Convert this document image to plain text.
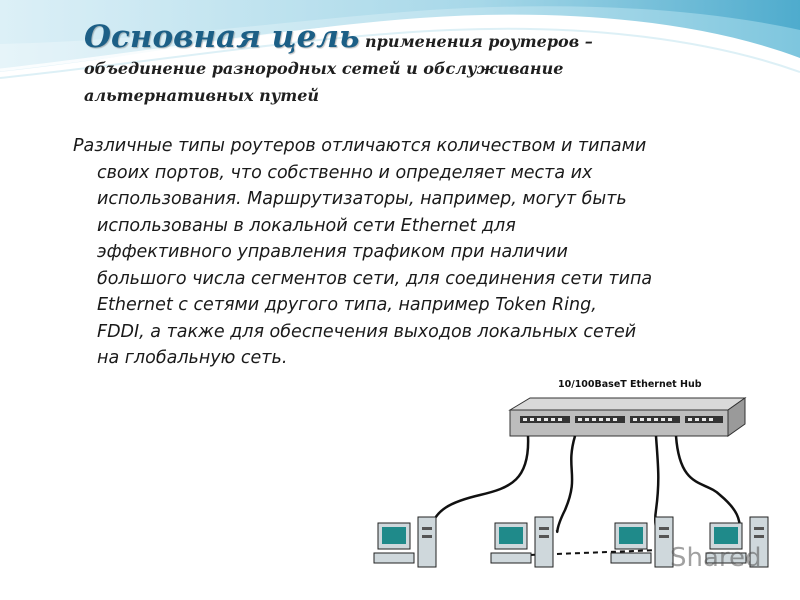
Основная цель применения роутеров –
объединение разнородных сетей и обслуживание
альтернативных путей

Различные типы роутеров отличаются количеством и типами
своих портов, что собственно и определяет места их
использования. Маршрутизаторы, например, могут быть
использованы в локальной сети Ethernet для
эффективного управления трафиком при наличии
большого числа сегментов сети, для соединения сети типа
Ethernet с сетями другого типа, например Token Ring,
FDDI, а также для обеспечения выходов локальных сетей
на глобальную сеть.

10/100BaseT Ethernet Hub
Shared
